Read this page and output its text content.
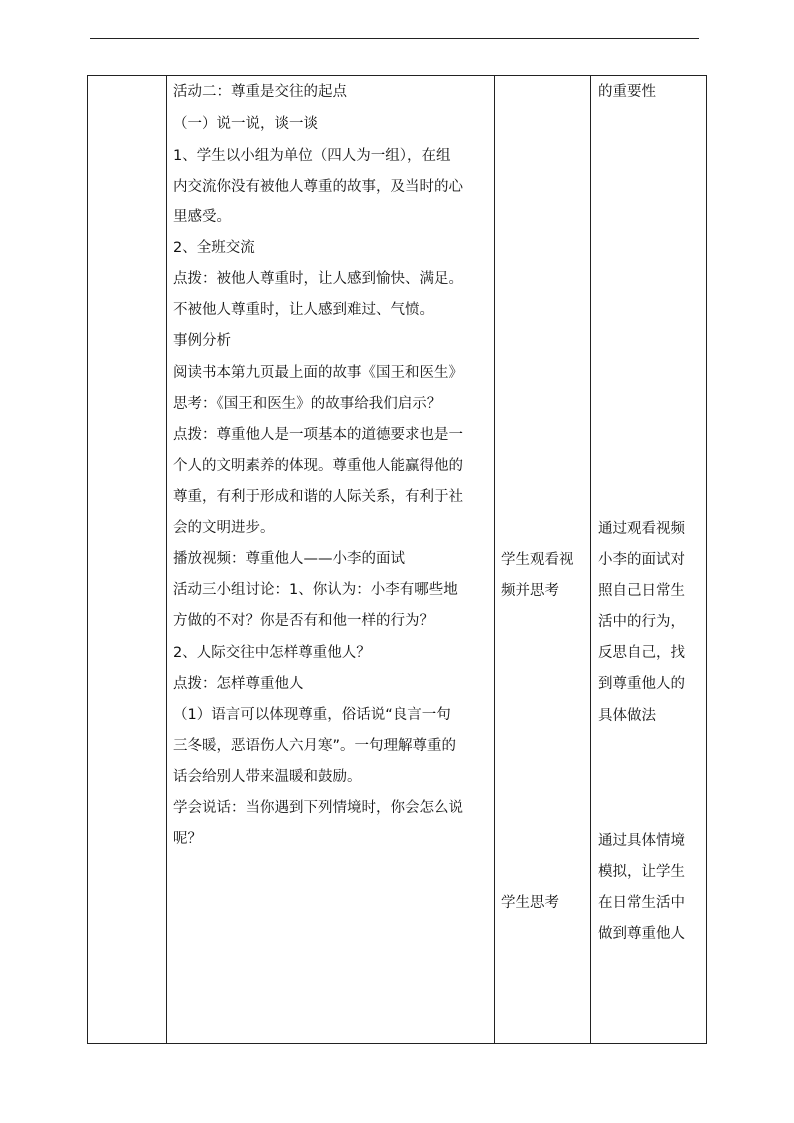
活动二：尊重是交往的起点
（一）说一说，谈一谈
1、学生以小组为单位（四人为一组），在组
内交流你没有被他人尊重的故事，及当时的心
里感受。
2、全班交流
点拨：被他人尊重时，让人感到愉快、满足。
不被他人尊重时，让人感到难过、气愤。
事例分析
阅读书本第九页最上面的故事《国王和医生》
思考：《国王和医生》的故事给我们启示？
点拨：尊重他人是一项基本的道德要求也是一
个人的文明素养的体现。尊重他人能赢得他的
尊重，有利于形成和谐的人际关系，有利于社
会的文明进步。
播放视频：尊重他人——小李的面试
活动三小组讨论：1、你认为：小李有哪些地
方做的不对？你是否有和他一样的行为？
2、人际交往中怎样尊重他人？
点拨：怎样尊重他人
（1）语言可以体现尊重，俗话说“良言一句
三冬暖，恶语伤人六月寒”。一句理解尊重的
话会给别人带来温暖和鼓励。
学会说话：当你遇到下列情境时，你会怎么说
呢？
学生观看视
频并思考
学生思考
的重要性
通过观看视频
小李的面试对
照自己日常生
活中的行为，
反思自己，找
到尊重他人的
具体做法
通过具体情境
模拟，让学生
在日常生活中
做到尊重他人
